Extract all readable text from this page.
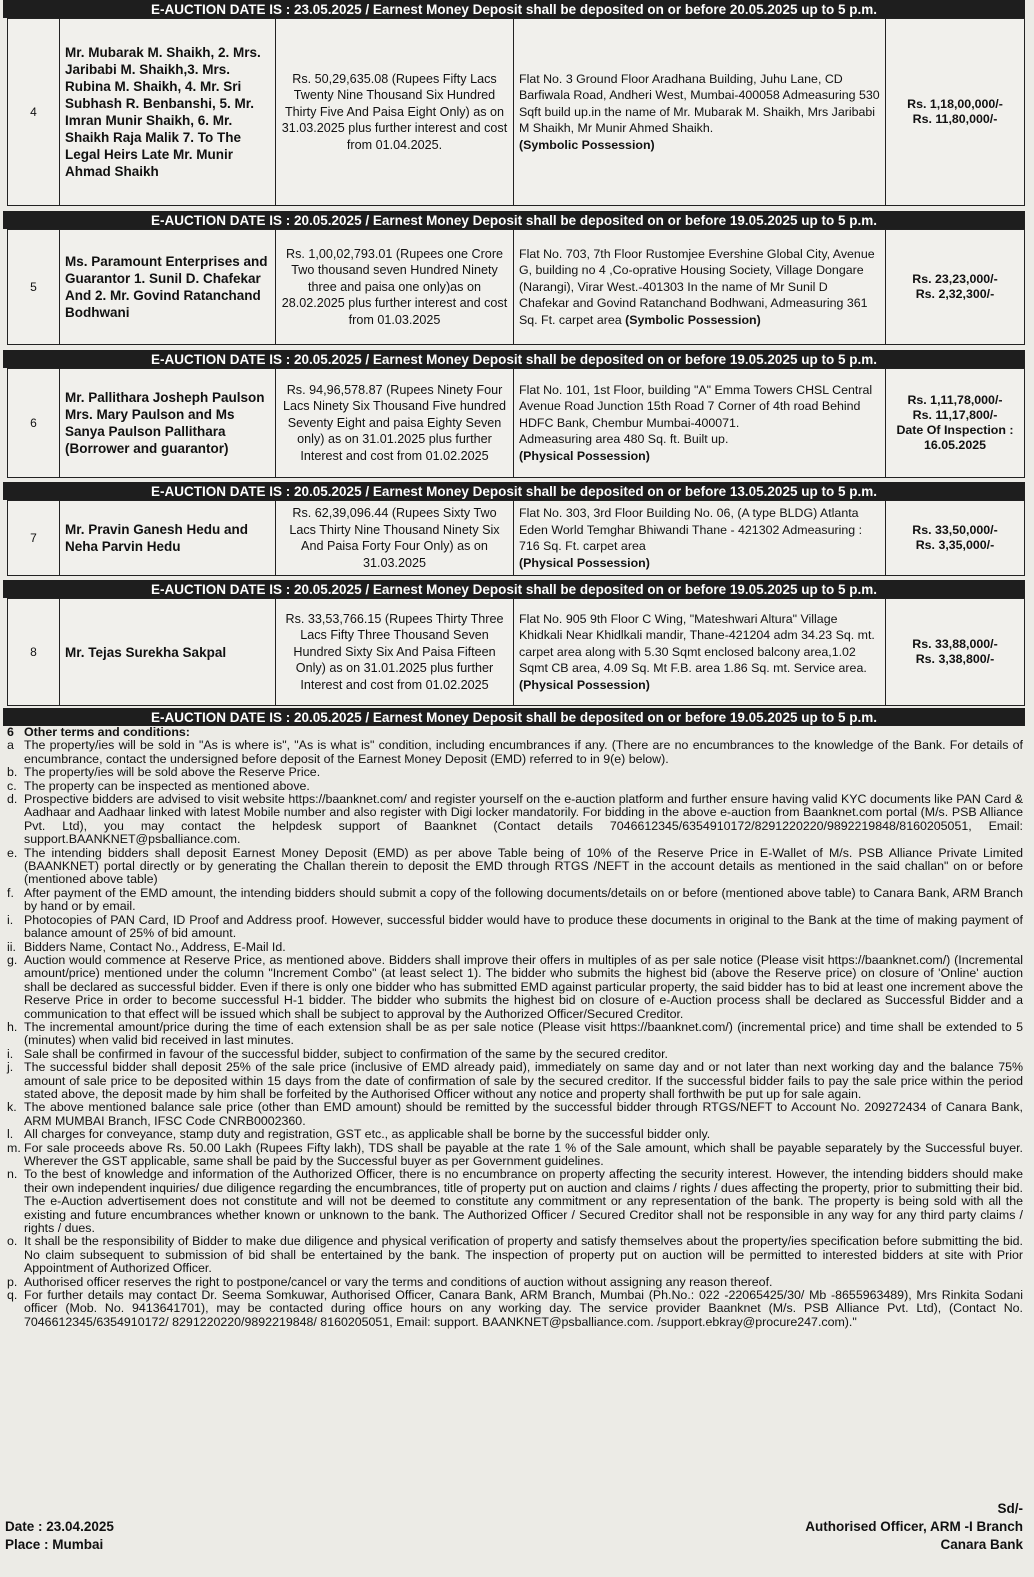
E-AUCTION DATE IS : 23.05.2025 / Earnest Money Deposit shall be deposited on or before 20.05.2025 up to 5 p.m.
4
Mr. Mubarak M. Shaikh, 2. Mrs. Jaribabi M. Shaikh,3. Mrs. Rubina M. Shaikh, 4. Mr. Sri Subhash R. Benbanshi, 5. Mr. Imran Munir Shaikh, 6. Mr. Shaikh Raja Malik 7. To The Legal Heirs Late Mr. Munir Ahmad Shaikh
Rs. 50,29,635.08 (Rupees Fifty Lacs Twenty Nine Thousand Six Hundred Thirty Five And Paisa Eight Only) as on 31.03.2025 plus further interest and cost from 01.04.2025.
Flat No. 3 Ground Floor Aradhana Building, Juhu Lane, CD Barfiwala Road, Andheri West, Mumbai-400058 Admeasuring 530 Sqft build up.in the name of Mr. Mubarak M. Shaikh, Mrs Jaribabi M Shaikh, Mr Munir Ahmed Shaikh.
(Symbolic Possession)
Rs. 1,18,00,000/-
Rs. 11,80,000/-
E-AUCTION DATE IS : 20.05.2025 / Earnest Money Deposit shall be deposited on or before 19.05.2025 up to 5 p.m.
5
Ms. Paramount Enterprises and Guarantor 1. Sunil D. Chafekar And 2. Mr. Govind Ratanchand Bodhwani
Rs. 1,00,02,793.01 (Rupees one Crore Two thousand seven Hundred Ninety three and paisa one only)as on 28.02.2025 plus further interest and cost from 01.03.2025
Flat No. 703, 7th Floor Rustomjee Evershine Global City, Avenue G, building no 4 ,Co-oprative Housing Society, Village Dongare (Narangi), Virar West.-401303 In the name of Mr Sunil D Chafekar and Govind Ratanchand Bodhwani, Admeasuring 361 Sq. Ft. carpet area (Symbolic Possession)
Rs. 23,23,000/-
Rs. 2,32,300/-
E-AUCTION DATE IS : 20.05.2025 / Earnest Money Deposit shall be deposited on or before 19.05.2025 up to 5 p.m.
6
Mr. Pallithara Josheph Paulson Mrs. Mary Paulson and Ms Sanya Paulson Pallithara (Borrower and guarantor)
Rs. 94,96,578.87 (Rupees Ninety Four Lacs Ninety Six Thousand Five hundred Seventy Eight and paisa Eighty Seven only) as on 31.01.2025 plus further Interest and cost from 01.02.2025
Flat No. 101, 1st Floor, building "A" Emma Towers CHSL Central Avenue Road Junction 15th Road 7 Corner of 4th road Behind HDFC Bank, Chembur Mumbai-400071.
Admeasuring area 480 Sq. ft. Built up.
(Physical Possession)
Rs. 1,11,78,000/-
Rs. 11,17,800/-
Date Of Inspection :
16.05.2025
E-AUCTION DATE IS : 20.05.2025 / Earnest Money Deposit shall be deposited on or before 13.05.2025 up to 5 p.m.
7
Mr. Pravin Ganesh Hedu and Neha Parvin Hedu
Rs. 62,39,096.44 (Rupees Sixty Two Lacs Thirty Nine Thousand Ninety Six And Paisa Forty Four Only) as on 31.03.2025
Flat No. 303, 3rd Floor Building No. 06, (A type BLDG) Atlanta Eden World Temghar Bhiwandi Thane - 421302 Admeasuring : 716 Sq. Ft. carpet area
(Physical Possession)
Rs. 33,50,000/-
Rs. 3,35,000/-
E-AUCTION DATE IS : 20.05.2025 / Earnest Money Deposit shall be deposited on or before 19.05.2025 up to 5 p.m.
8	Mr. Tejas Surekha Sakpal
Rs. 33,53,766.15 (Rupees Thirty Three Lacs Fifty Three Thousand Seven Hundred Sixty Six And Paisa Fifteen Only) as on 31.01.2025 plus further Interest and cost from 01.02.2025
Flat No. 905 9th Floor C Wing, "Mateshwari Altura" Village Khidkali Near Khidlkali mandir, Thane-421204 adm 34.23 Sq. mt. carpet area along with 5.30 Sqmt enclosed balcony area,1.02 Sqmt CB area, 4.09 Sq. Mt F.B. area 1.86 Sq. mt. Service area.
(Physical Possession)
Rs. 33,88,000/-
Rs. 3,38,800/-
E-AUCTION DATE IS : 20.05.2025 / Earnest Money Deposit shall be deposited on or before 19.05.2025 up to 5 p.m.
6 Other terms and conditions:
a The property/ies will be sold in "As is where is", "As is what is" condition, including encumbrances if any. (There are no encumbrances to the knowledge of the Bank. For details of encumbrance, contact the undersigned before deposit of the Earnest Money Deposit (EMD) referred to in 9(e) below).
b. The property/ies will be sold above the Reserve Price.
c. The property can be inspected as mentioned above.
d. Prospective bidders are advised to visit website https://baanknet.com/ and register yourself on the e-auction platform and further ensure having valid KYC documents like PAN Card & Aadhaar and Aadhaar linked with latest Mobile number and also register with Digi locker mandatorily. For bidding in the above e-auction from Baanknet.com portal (M/s. PSB Alliance Pvt. Ltd), you may contact the helpdesk support of Baanknet (Contact details 7046612345/6354910172/8291220220/9892219848/8160205051, Email: support.BAANKNET@psballiance.com.
e. The intending bidders shall deposit Earnest Money Deposit (EMD) as per above Table being of 10% of the Reserve Price in E-Wallet of M/s. PSB Alliance Private Limited (BAANKNET) portal directly or by generating the Challan therein to deposit the EMD through RTGS /NEFT in the account details as mentioned in the said challan" on or before (mentioned above table)
f. After payment of the EMD amount, the intending bidders should submit a copy of the following documents/details on or before (mentioned above table) to Canara Bank, ARM Branch by hand or by email.
i. Photocopies of PAN Card, ID Proof and Address proof. However, successful bidder would have to produce these documents in original to the Bank at the time of making payment of balance amount of 25% of bid amount.
ii. Bidders Name, Contact No., Address, E-Mail Id.
g. Auction would commence at Reserve Price, as mentioned above. Bidders shall improve their offers in multiples of as per sale notice (Please visit https://baanknet.com/) (Incremental amount/price) mentioned under the column "Increment Combo" (at least select 1). The bidder who submits the highest bid (above the Reserve price) on closure of 'Online' auction shall be declared as successful bidder. Even if there is only one bidder who has submitted EMD against particular property, the said bidder has to bid at least one increment above the Reserve Price in order to become successful H-1 bidder. The bidder who submits the highest bid on closure of e-Auction process shall be declared as Successful Bidder and a communication to that effect will be issued which shall be subject to approval by the Authorized Officer/Secured Creditor.
h. The incremental amount/price during the time of each extension shall be as per sale notice (Please visit https://baanknet.com/) (incremental price) and time shall be extended to 5 (minutes) when valid bid received in last minutes.
i. Sale shall be confirmed in favour of the successful bidder, subject to confirmation of the same by the secured creditor.
j. The successful bidder shall deposit 25% of the sale price (inclusive of EMD already paid), immediately on same day and or not later than next working day and the balance 75% amount of sale price to be deposited within 15 days from the date of confirmation of sale by the secured creditor. If the successful bidder fails to pay the sale price within the period stated above, the deposit made by him shall be forfeited by the Authorised Officer without any notice and property shall forthwith be put up for sale again.
k. The above mentioned balance sale price (other than EMD amount) should be remitted by the successful bidder through RTGS/NEFT to Account No. 209272434 of Canara Bank, ARM MUMBAI Branch, IFSC Code CNRB0002360.
l. All charges for conveyance, stamp duty and registration, GST etc., as applicable shall be borne by the successful bidder only.
m. For sale proceeds above Rs. 50.00 Lakh (Rupees Fifty lakh), TDS shall be payable at the rate 1 % of the Sale amount, which shall be payable separately by the Successful buyer. Wherever the GST applicable, same shall be paid by the Successful buyer as per Government guidelines.
n. To the best of knowledge and information of the Authorized Officer, there is no encumbrance on property affecting the security interest. However, the intending bidders should make their own independent inquiries/ due diligence regarding the encumbrances, title of property put on auction and claims / rights / dues affecting the property, prior to submitting their bid. The e-Auction advertisement does not constitute and will not be deemed to constitute any commitment or any representation of the bank. The property is being sold with all the existing and future encumbrances whether known or unknown to the bank. The Authorized Officer / Secured Creditor shall not be responsible in any way for any third party claims / rights / dues.
o. It shall be the responsibility of Bidder to make due diligence and physical verification of property and satisfy themselves about the property/ies specification before submitting the bid. No claim subsequent to submission of bid shall be entertained by the bank. The inspection of property put on auction will be permitted to interested bidders at site with Prior Appointment of Authorized Officer.
p. Authorised officer reserves the right to postpone/cancel or vary the terms and conditions of auction without assigning any reason thereof.
q. For further details may contact Dr. Seema Somkuwar, Authorised Officer, Canara Bank, ARM Branch, Mumbai (Ph.No.: 022 -22065425/30/ Mb -8655963489), Mrs Rinkita Sodani officer (Mob. No. 9413641701), may be contacted during office hours on any working day. The service provider Baanknet (M/s. PSB Alliance Pvt. Ltd), (Contact No. 7046612345/6354910172/ 8291220220/9892219848/ 8160205051, Email: support. BAANKNET@psballiance.com. /support.ebkray@procure247.com)."
Date : 23.04.2025
Place : Mumbai
Sd/-
Authorised Officer, ARM -I Branch
Canara Bank
